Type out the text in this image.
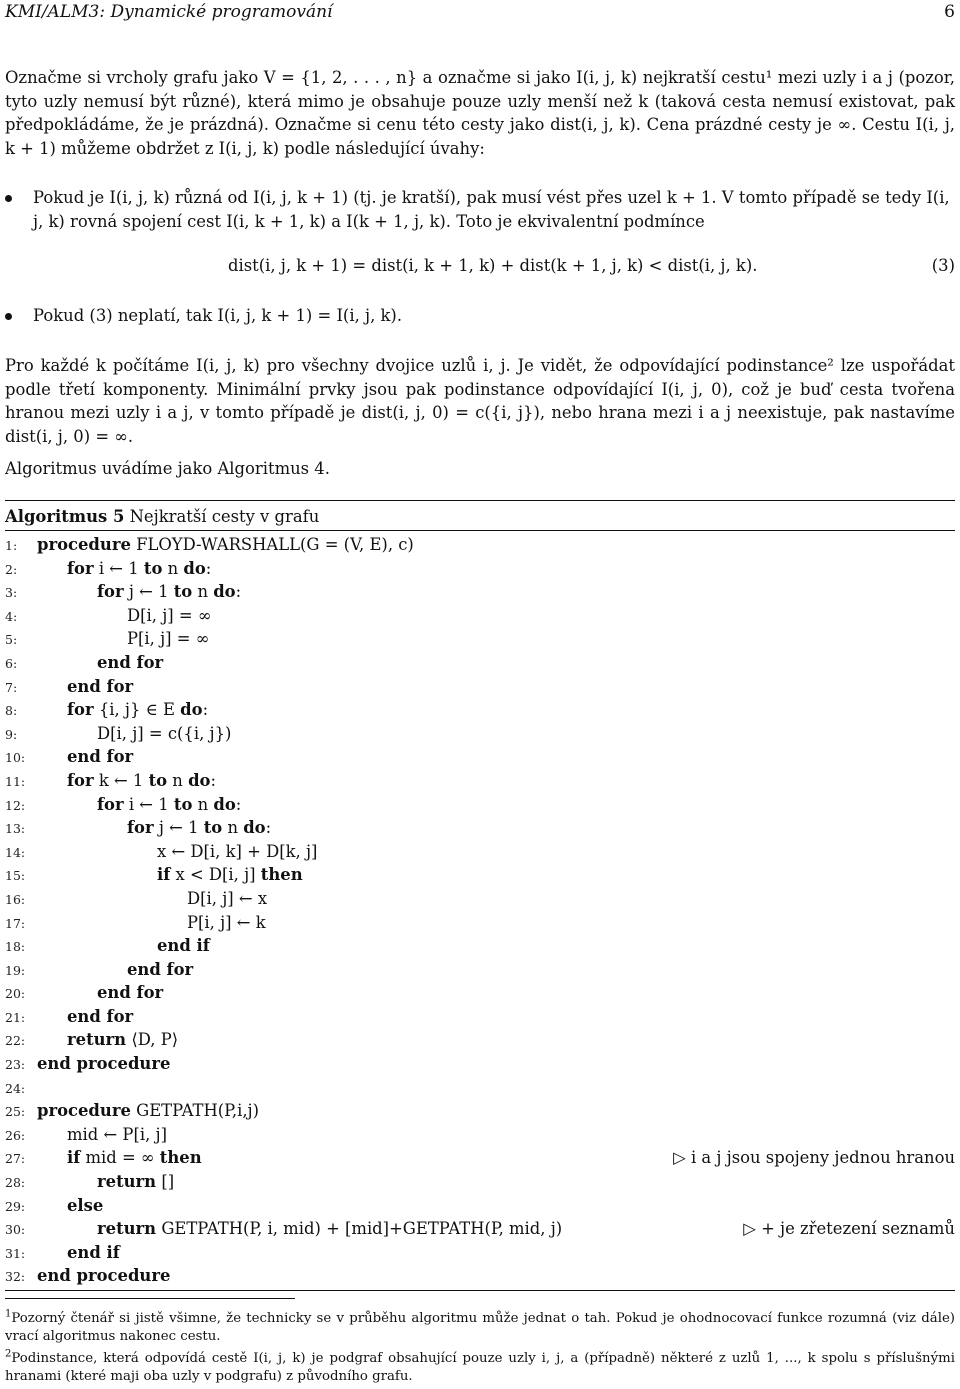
KMI/ALM3: Dynamické programování	6
Označme si vrcholy grafu jako V = {1, 2, . . . , n} a označme si jako I(i, j, k) nejkratší cestu¹ mezi uzly i a j (pozor, tyto uzly nemusí být různé), která mimo je obsahuje pouze uzly menší než k (taková cesta nemusí existovat, pak předpokládáme, že je prázdná). Označme si cenu této cesty jako dist(i, j, k). Cena prázdné cesty je ∞. Cestu I(i, j, k + 1) můžeme obdržet z I(i, j, k) podle následující úvahy:
Pokud je I(i, j, k) různá od I(i, j, k + 1) (tj. je kratší), pak musí vést přes uzel k + 1. V tomto případě se tedy I(i, j, k) rovná spojení cest I(i, k + 1, k) a I(k + 1, j, k). Toto je ekvivalentní podmínce
dist(i, j, k + 1) = dist(i, k + 1, k) + dist(k + 1, j, k) < dist(i, j, k).	(3)
Pokud (3) neplatí, tak I(i, j, k + 1) = I(i, j, k).
Pro každé k počítáme I(i, j, k) pro všechny dvojice uzlů i, j. Je vidět, že odpovídající podinstance² lze uspořádat podle třetí komponenty. Minimální prvky jsou pak podinstance odpovídající I(i, j, 0), což je buď cesta tvořena hranou mezi uzly i a j, v tomto případě je dist(i, j, 0) = c({i, j}), nebo hrana mezi i a j neexistuje, pak nastavíme dist(i, j, 0) = ∞.
Algoritmus uvádíme jako Algoritmus 4.
Algoritmus 5 Nejkratší cesty v grafu
1: procedure FLOYD-WARSHALL(G = (V, E), c)
2:	for i ← 1 to n do:
3:	for j ← 1 to n do:
4:	D[i, j] = ∞
5:	P[i, j] = ∞
6:	end for
7:	end for
8:	for {i, j} ∈ E do:
9:	D[i, j] = c({i, j})
10:	end for
11:	for k ← 1 to n do:
12:	for i ← 1 to n do:
13:	for j ← 1 to n do:
14:	x ← D[i, k] + D[k, j]
15:	if x < D[i, j] then
16:	D[i, j] ← x
17:	P[i, j] ← k
18:	end if
19:	end for
20:	end for
21:	end for
22:	return ⟨D, P⟩
23: end procedure
24:
25: procedure GETPATH(P,i,j)
26:	mid ← P[i, j]
27:	if mid = ∞ then	▷ i a j jsou spojeny jednou hranou
28:	return []
29:	else
30:	return GETPATH(P, i, mid) + [mid]+GETPATH(P, mid, j)	▷ + je zřetezení seznamů
31:	end if
32: end procedure
$^1$Pozorný čtenář si jistě všimne, že technicky se v průběhu algoritmu může jednat o tah. Pokud je ohodnocovací funkce rozumná (viz dále) vrací algoritmus nakonec cestu.
$^2$Podinstance, která odpovídá cestě I(i, j, k) je podgraf obsahující pouze uzly i, j, a (případně) některé z uzlů 1, ..., k spolu s příslušnými hranami (které maji oba uzly v podgrafu) z původního grafu.
